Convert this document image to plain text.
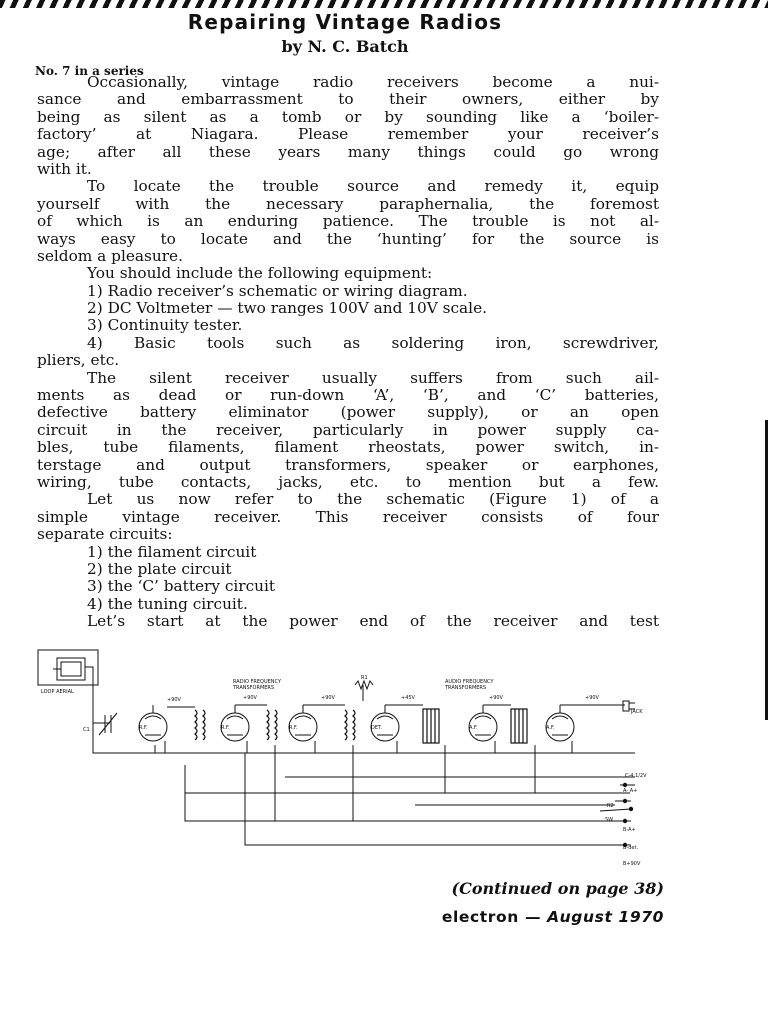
Repairing Vintage Radios
by N. C. Batch
No. 7 in a series
Occasionally, vintage radio receivers become a nui-
sance and embarrassment to their owners, either by
being as silent as a tomb or by sounding like a ‘boiler-
factory’ at Niagara. Please remember your receiver’s
age; after all these years many things could go wrong
with it.
To locate the trouble source and remedy it, equip
yourself with the necessary paraphernalia, the foremost
of which is an enduring patience. The trouble is not al-
ways easy to locate and the ‘hunting’ for the source is
seldom a pleasure.
You should include the following equipment:
1) Radio receiver’s schematic or wiring diagram.
2) DC Voltmeter — two ranges 100V and 10V scale.
3) Continuity tester.
4) Basic tools such as soldering iron, screwdriver,
pliers, etc.
The silent receiver usually suffers from such ail-
ments as dead or run-down ‘A’, ‘B’, and ‘C’ batteries,
defective battery eliminator (power supply), or an open
circuit in the receiver, particularly in power supply ca-
bles, tube filaments, filament rheostats, power switch, in-
terstage and output transformers, speaker or earphones,
wiring, tube contacts, jacks, etc. to mention but a few.
Let us now refer to the schematic (Figure 1) of a
simple vintage receiver. This receiver consists of four
separate circuits:
1) the filament circuit
2) the plate circuit
3) the ‘C’ battery circuit
4) the tuning circuit.
Let’s start at the power end of the receiver and test
LOOP AERIAL
RADIO FREQUENCY
TRANSFORMERS
AUDIO FREQUENCY
TRANSFORMERS
R1
C1
JACK
C-4.1/2V
A- A+
R2
SW
B-A+
B-det.
B+90V
R.F.	R.F.	R.F.	DET.	A.F.	A.F.
+90V	+90V	+90V	+45V	+90V	+90V
(Continued on page 38)
electron — August 1970
